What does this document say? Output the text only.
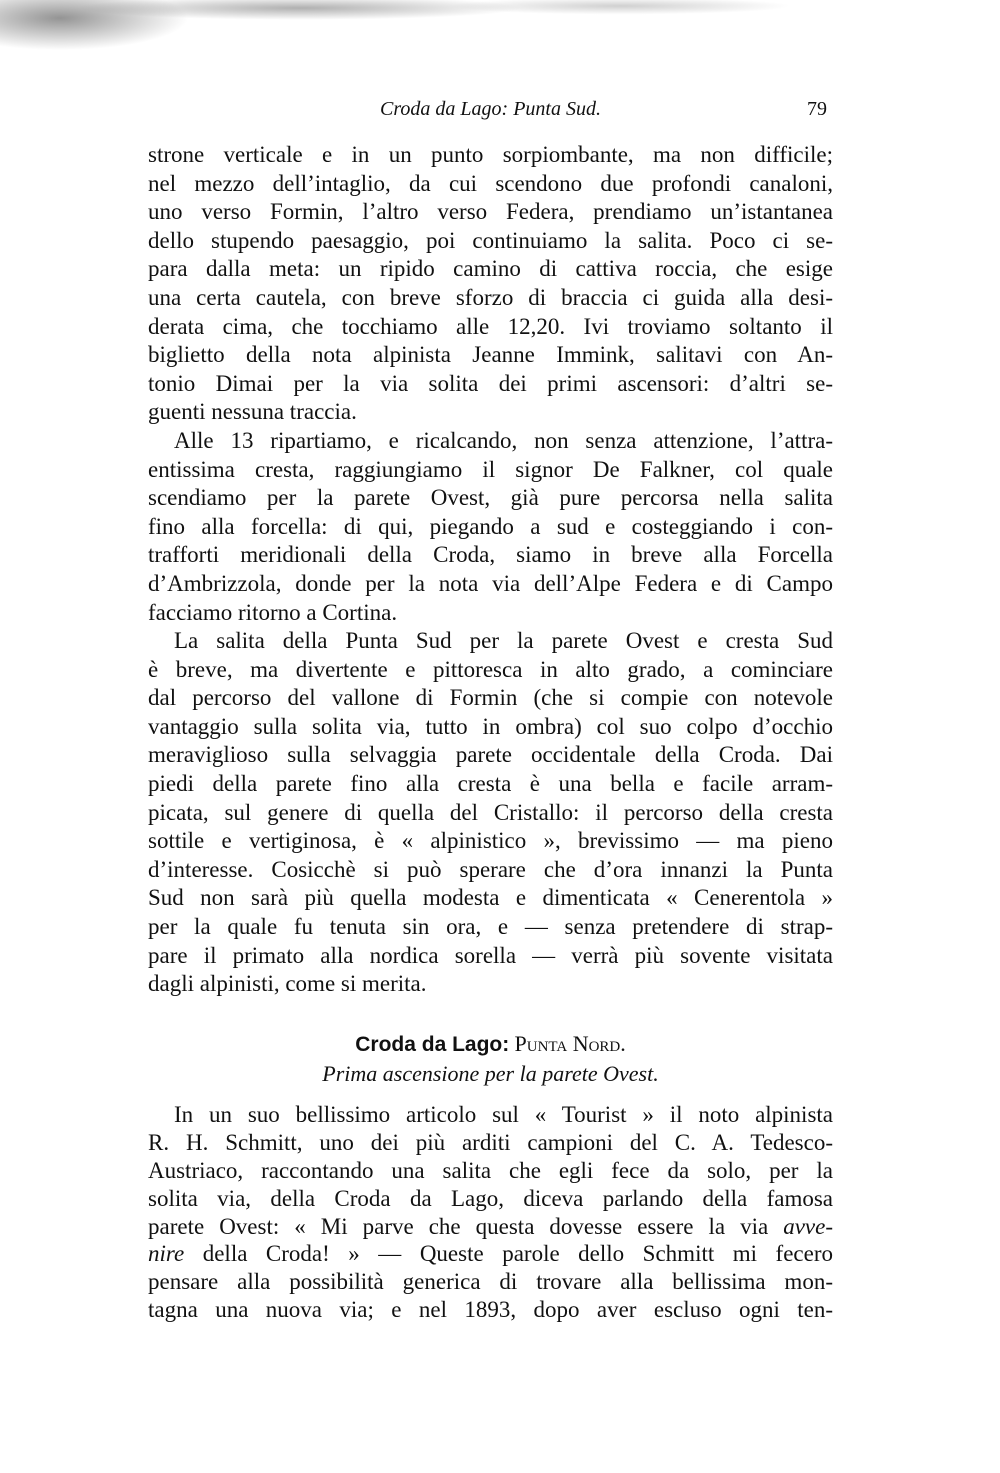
Croda da Lago: Punta Sud.	79
strone verticale e in un punto sorpiombante, ma non difficile;
nel mezzo dell’intaglio, da cui scendono due profondi canaloni,
uno verso Formin, l’altro verso Federa, prendiamo un’istantanea
dello stupendo paesaggio, poi continuiamo la salita. Poco ci se-
para dalla meta: un ripido camino di cattiva roccia, che esige
una certa cautela, con breve sforzo di braccia ci guida alla desi-
derata cima, che tocchiamo alle 12,20. Ivi troviamo soltanto il
biglietto della nota alpinista Jeanne Immink, salitavi con An-
tonio Dimai per la via solita dei primi ascensori: d’altri se-
guenti nessuna traccia.
Alle 13 ripartiamo, e ricalcando, non senza attenzione, l’attra-
entissima cresta, raggiungiamo il signor De Falkner, col quale
scendiamo per la parete Ovest, già pure percorsa nella salita
fino alla forcella: di qui, piegando a sud e costeggiando i con-
trafforti meridionali della Croda, siamo in breve alla Forcella
d’Ambrizzola, donde per la nota via dell’Alpe Federa e di Campo
facciamo ritorno a Cortina.
La salita della Punta Sud per la parete Ovest e cresta Sud
è breve, ma divertente e pittoresca in alto grado, a cominciare
dal percorso del vallone di Formin (che si compie con notevole
vantaggio sulla solita via, tutto in ombra) col suo colpo d’occhio
meraviglioso sulla selvaggia parete occidentale della Croda. Dai
piedi della parete fino alla cresta è una bella e facile arram-
picata, sul genere di quella del Cristallo: il percorso della cresta
sottile e vertiginosa, è « alpinistico », brevissimo — ma pieno
d’interesse. Cosicchè si può sperare che d’ora innanzi la Punta
Sud non sarà più quella modesta e dimenticata « Cenerentola »
per la quale fu tenuta sin ora, e — senza pretendere di strap-
pare il primato alla nordica sorella — verrà più sovente visitata
dagli alpinisti, come si merita.
Croda da Lago: Punta Nord.
Prima ascensione per la parete Ovest.
In un suo bellissimo articolo sul « Tourist » il noto alpinista
R. H. Schmitt, uno dei più arditi campioni del C. A. Tedesco-
Austriaco, raccontando una salita che egli fece da solo, per la
solita via, della Croda da Lago, diceva parlando della famosa
parete Ovest: « Mi parve che questa dovesse essere la via avve-
nire della Croda! » — Queste parole dello Schmitt mi fecero
pensare alla possibilità generica di trovare alla bellissima mon-
tagna una nuova via; e nel 1893, dopo aver escluso ogni ten-
